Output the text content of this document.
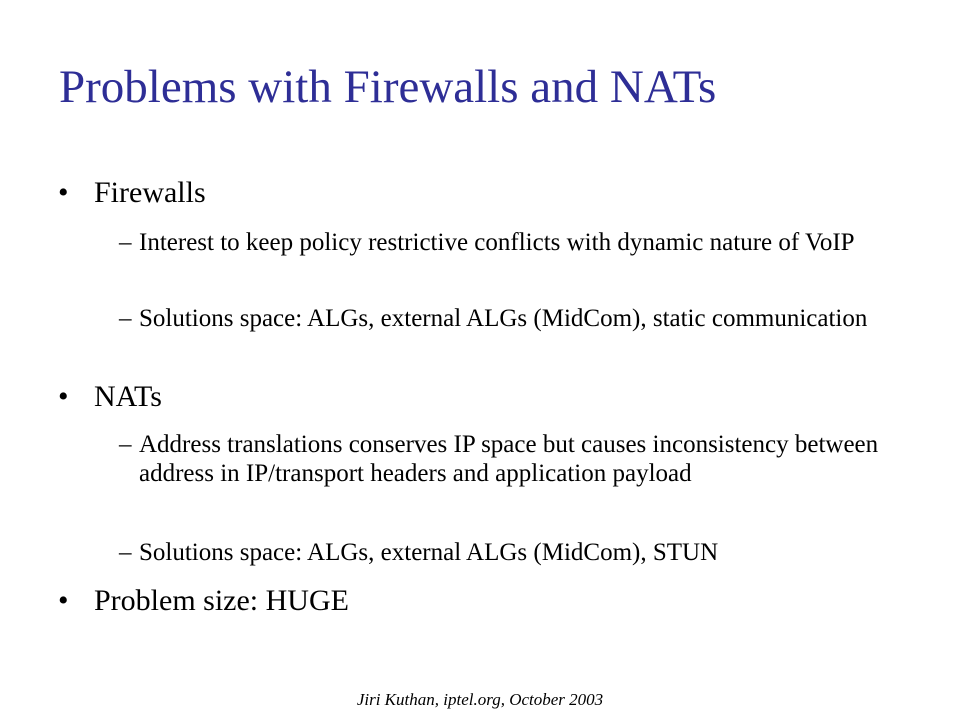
Problems with Firewalls and NATs
• Firewalls
– Interest to keep policy restrictive conflicts with dynamic nature of VoIP
– Solutions space: ALGs, external ALGs (MidCom), static communication
• NATs
– Address translations conserves IP space but causes inconsistency between address in IP/transport headers and application payload
– Solutions space: ALGs, external ALGs (MidCom), STUN
• Problem size: HUGE
Jiri Kuthan, iptel.org, October 2003
